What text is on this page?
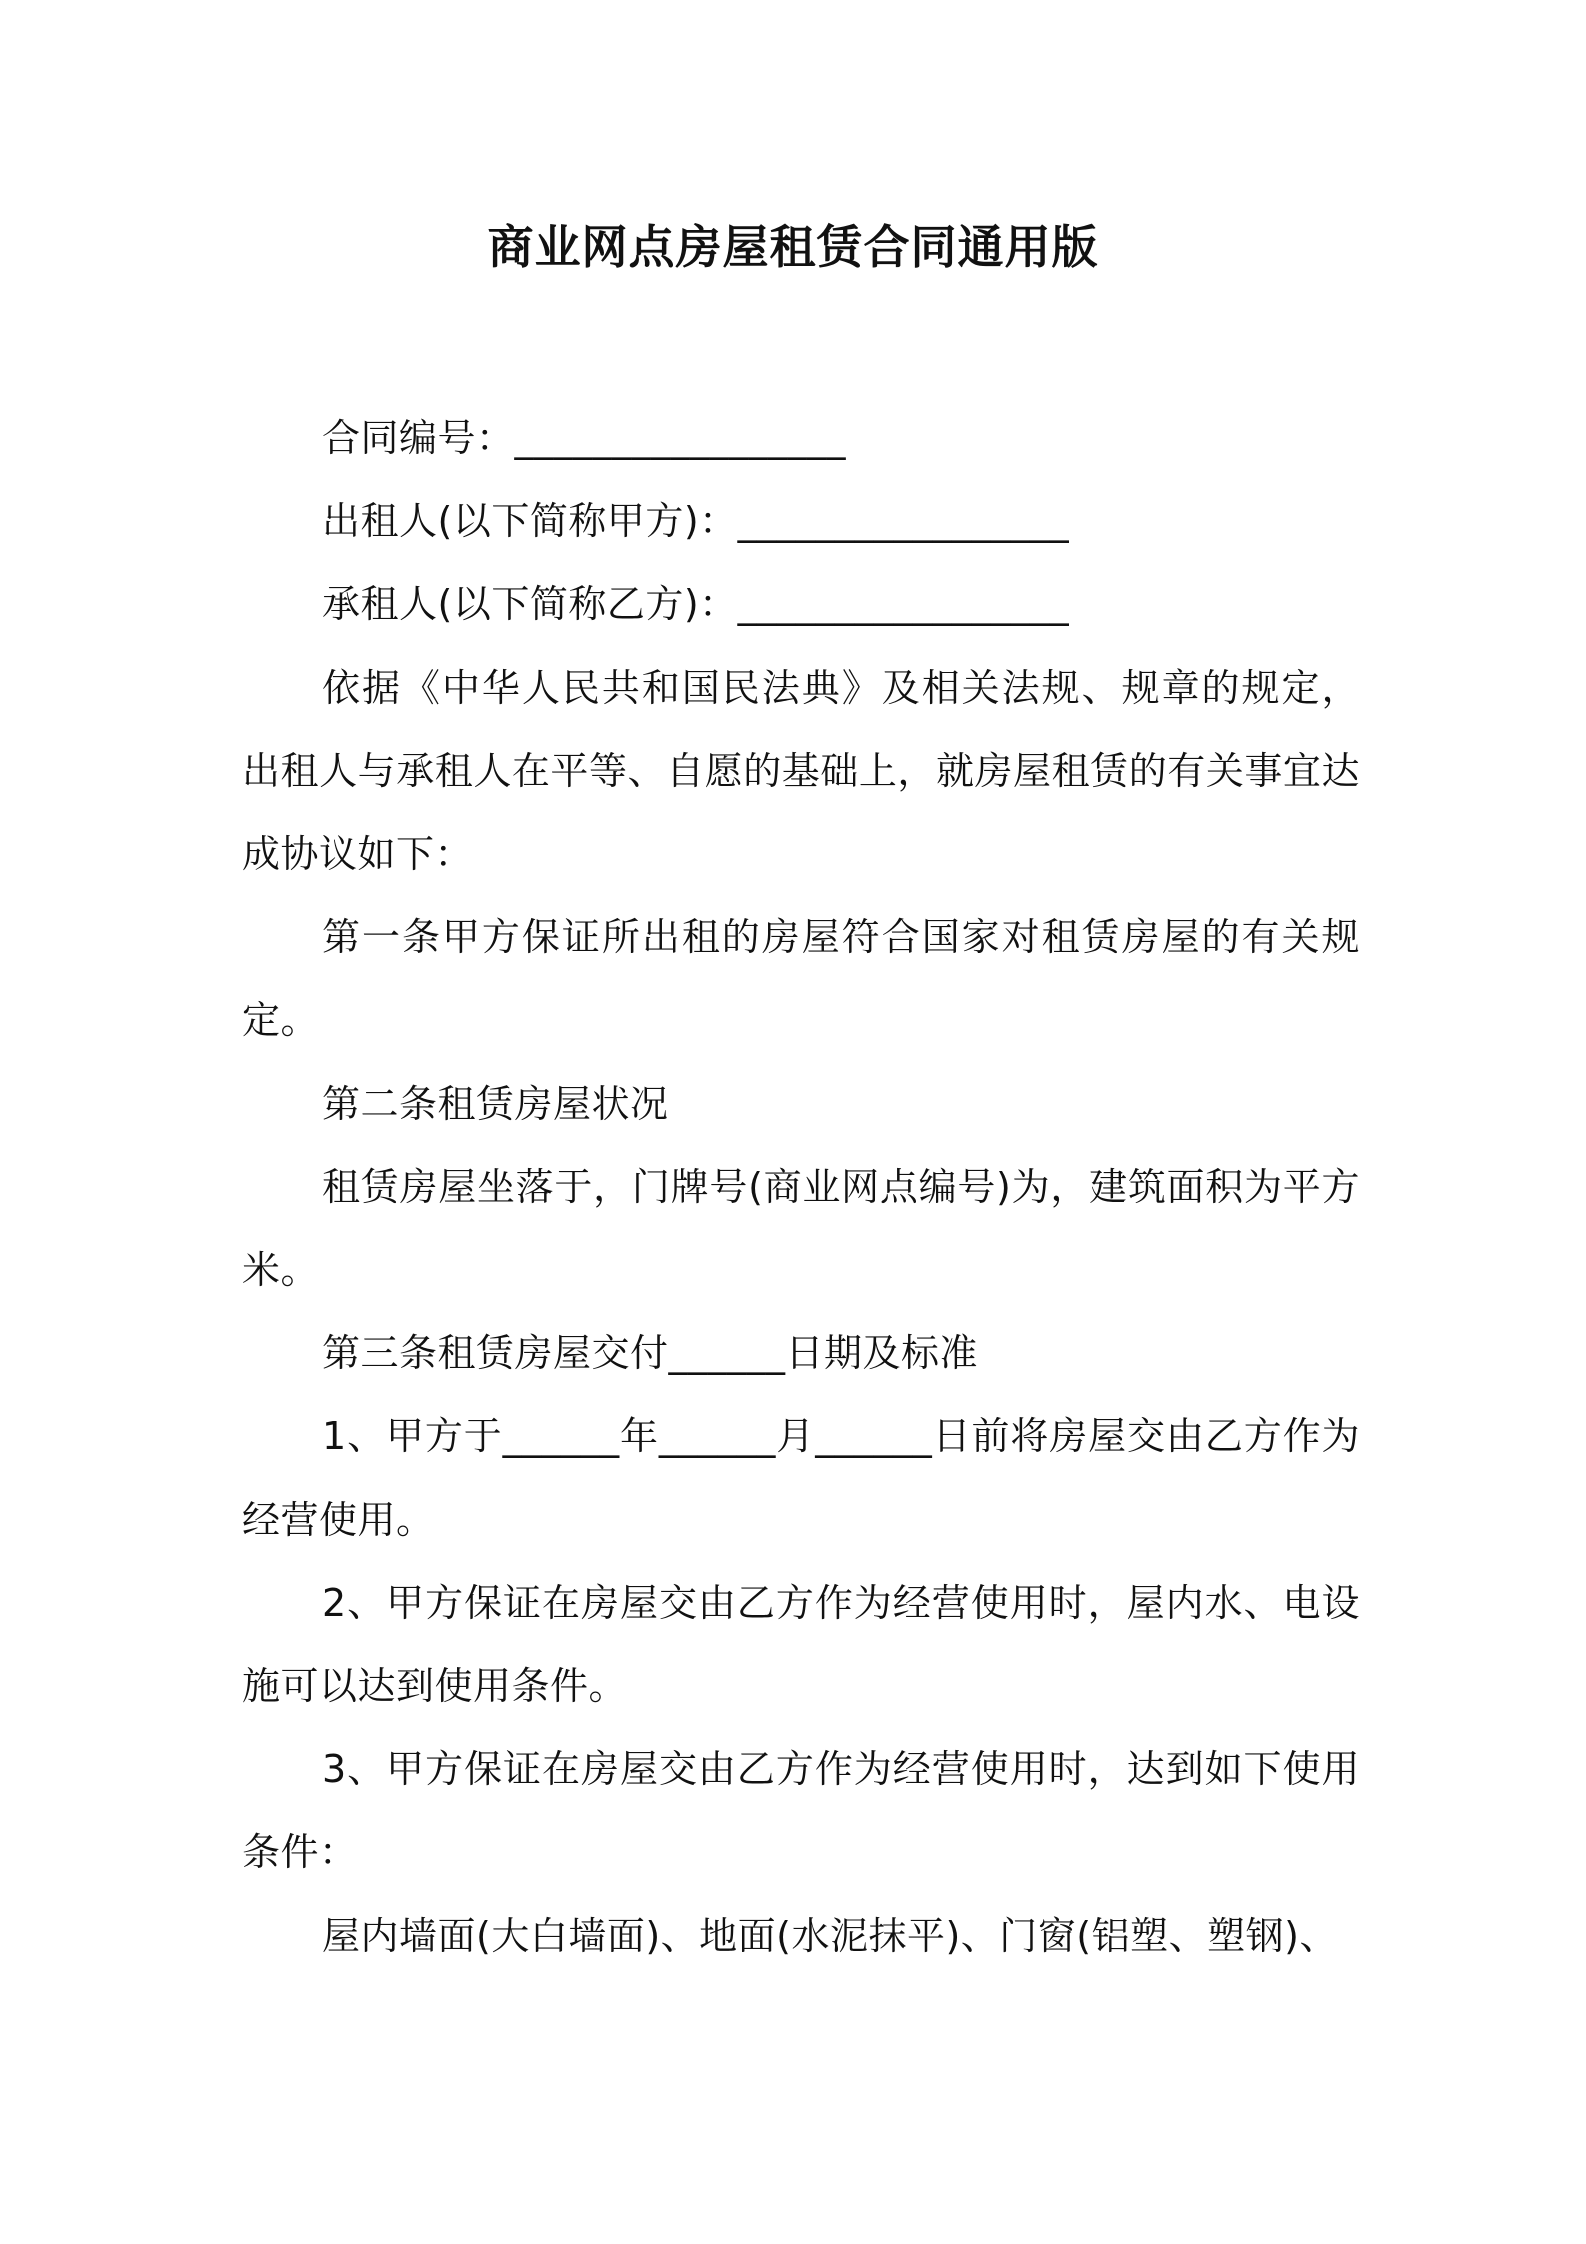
商业网点房屋租赁合同通用版

合同编号：_________________

出租人(以下简称甲方)：_________________

承租人(以下简称乙方)：_________________

依据《中华人民共和国民法典》及相关法规、规章的规定，出租人与承租人在平等、自愿的基础上，就房屋租赁的有关事宜达成协议如下：

第一条甲方保证所出租的房屋符合国家对租赁房屋的有关规定。

第二条租赁房屋状况

租赁房屋坐落于，门牌号(商业网点编号)为，建筑面积为平方米。

第三条租赁房屋交付______日期及标准

1、甲方于______年______月______日前将房屋交由乙方作为经营使用。

2、甲方保证在房屋交由乙方作为经营使用时，屋内水、电设施可以达到使用条件。

3、甲方保证在房屋交由乙方作为经营使用时，达到如下使用条件：

屋内墙面(大白墙面)、地面(水泥抹平)、门窗(铝塑、塑钢)、
